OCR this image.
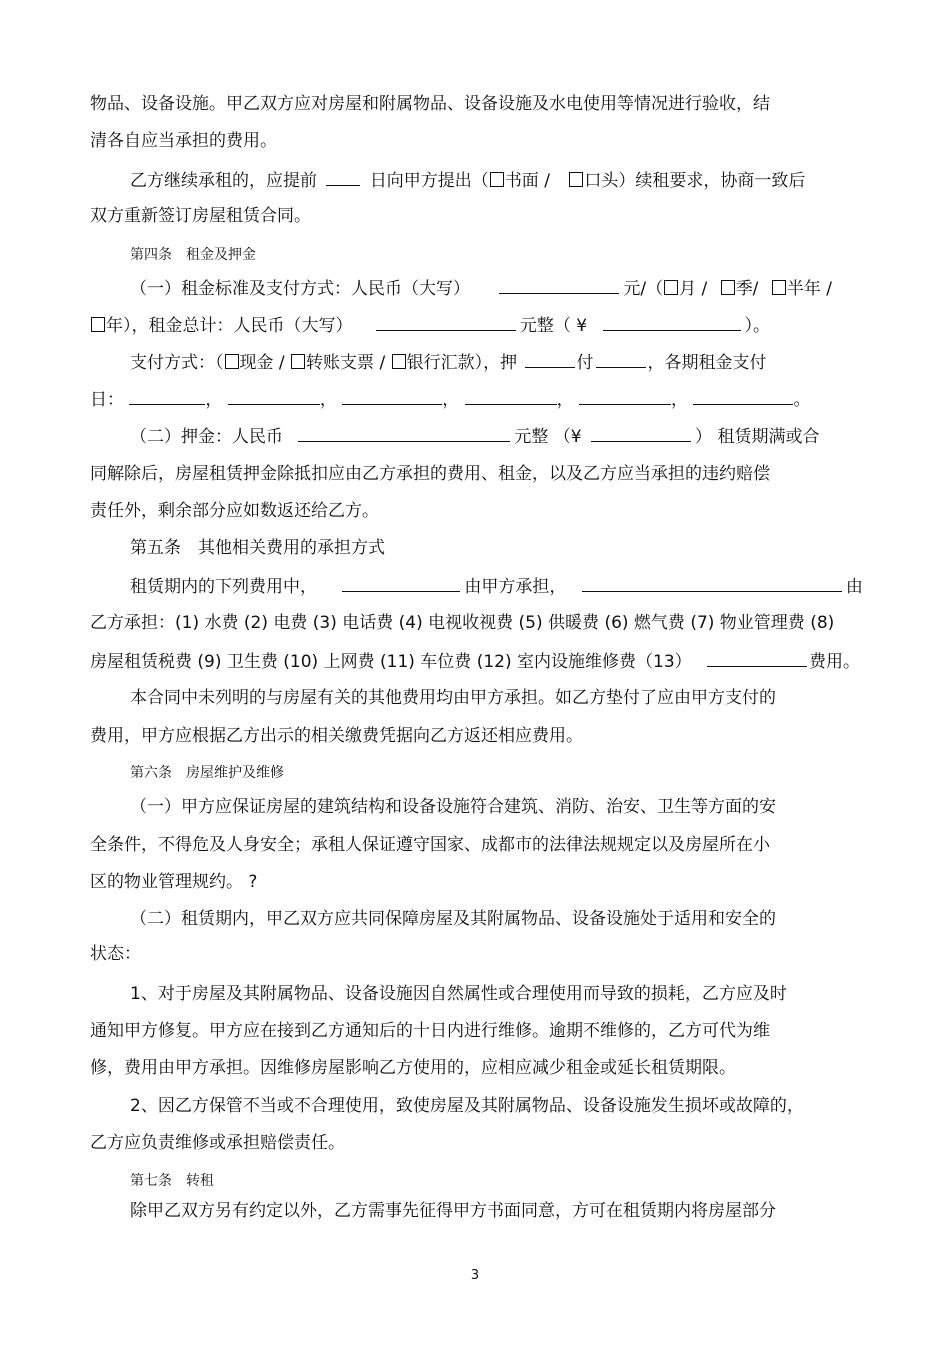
物品、设备设施。甲乙双方应对房屋和附属物品、设备设施及水电使用等情况进行验收，结
清各自应当承担的费用。
乙方继续承租的，应提前	日向甲方提出（ 书面 / 口头）续租要求，协商一致后
双方重新签订房屋租赁合同。
第四条　租金及押金
（一）租金标准及支付方式：人民币（大写）	元/（ 月 / 季/ 半年 /
年），租金总计：人民币（大写）	元整（ ¥	）。
支付方式：（ 现金 / 转账支票 / 银行汇款），押	付	，各期租金支付
日：	，	，	，	，	，	。
（二）押金：人民币	元整 （¥	） 租赁期满或合
同解除后，房屋租赁押金除抵扣应由乙方承担的费用、租金，以及乙方应当承担的违约赔偿
责任外，剩余部分应如数返还给乙方。
第五条　其他相关费用的承担方式
租赁期内的下列费用中，	由甲方承担，	由
乙方承担：(1) 水费 (2) 电费 (3) 电话费 (4) 电视收视费 (5) 供暖费 (6) 燃气费 (7) 物业管理费 (8)
房屋租赁税费 (9) 卫生费 (10) 上网费 (11) 车位费 (12) 室内设施维修费（13）	费用。
本合同中未列明的与房屋有关的其他费用均由甲方承担。如乙方垫付了应由甲方支付的
费用，甲方应根据乙方出示的相关缴费凭据向乙方返还相应费用。
第六条　房屋维护及维修
（一）甲方应保证房屋的建筑结构和设备设施符合建筑、消防、治安、卫生等方面的安
全条件，不得危及人身安全；承租人保证遵守国家、成都市的法律法规规定以及房屋所在小
区的物业管理规约。 ?
（二）租赁期内，甲乙双方应共同保障房屋及其附属物品、设备设施处于适用和安全的
状态：
1、对于房屋及其附属物品、设备设施因自然属性或合理使用而导致的损耗，乙方应及时
通知甲方修复。甲方应在接到乙方通知后的十日内进行维修。逾期不维修的，乙方可代为维
修，费用由甲方承担。因维修房屋影响乙方使用的，应相应减少租金或延长租赁期限。
2、因乙方保管不当或不合理使用，致使房屋及其附属物品、设备设施发生损坏或故障的，
乙方应负责维修或承担赔偿责任。
第七条　转租
除甲乙双方另有约定以外，乙方需事先征得甲方书面同意，方可在租赁期内将房屋部分
3
